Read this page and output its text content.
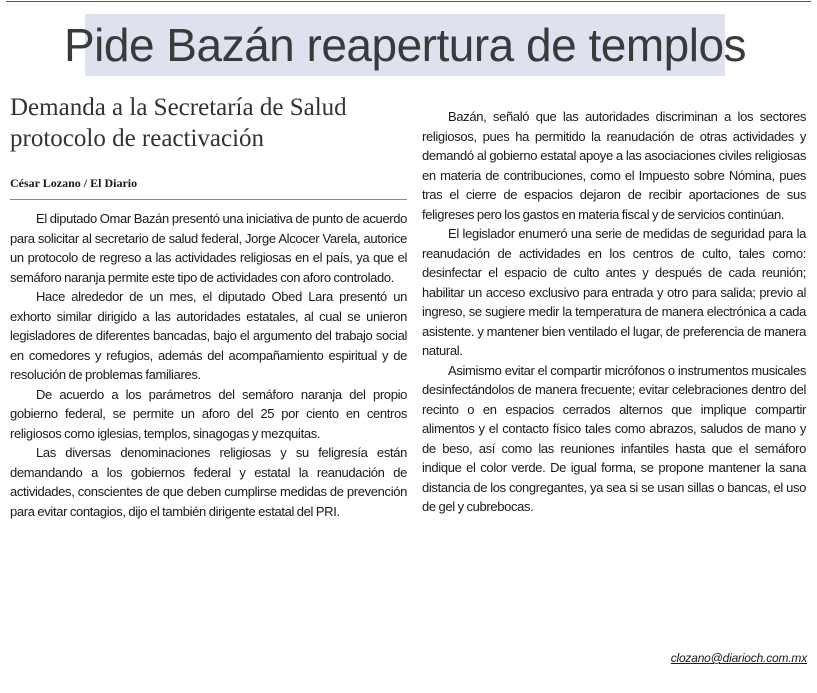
Pide Bazán reapertura de templos
Demanda a la Secretaría de Salud protocolo de reactivación
César Lozano / El Diario

El diputado Omar Bazán presentó una iniciativa de punto de acuerdo para solicitar al secretario de salud federal, Jorge Alcocer Varela, autorice un protocolo de regreso a las actividades religiosas en el país, ya que el semáforo naranja permite este tipo de actividades con aforo controlado.

Hace alrededor de un mes, el diputado Obed Lara presentó un exhorto similar dirigido a las autoridades estatales, al cual se unieron legisladores de diferentes bancadas, bajo el argumento del trabajo social en comedores y refugios, además del acompañamiento espiritual y de resolución de problemas familiares.

De acuerdo a los parámetros del semáforo naranja del propio gobierno federal, se permite un aforo del 25 por ciento en centros religiosos como iglesias, templos, sinagogas y mezquitas.

Las diversas denominaciones religiosas y su feligresía están demandando a los gobiernos federal y estatal la reanudación de actividades, conscientes de que deben cumplirse medidas de prevención para evitar contagios, dijo el también dirigente estatal del PRI.

Bazán, señaló que las autoridades discriminan a los sectores religiosos, pues ha permitido la reanudación de otras actividades y demandó al gobierno estatal apoye a las asociaciones civiles religiosas en materia de contribuciones, como el Impuesto sobre Nómina, pues tras el cierre de espacios dejaron de recibir aportaciones de sus feligreses pero los gastos en materia fiscal y de servicios continúan.

El legislador enumeró una serie de medidas de seguridad para la reanudación de actividades en los centros de culto, tales como: desinfectar el espacio de culto antes y después de cada reunión; habilitar un acceso exclusivo para entrada y otro para salida; previo al ingreso, se sugiere medir la temperatura de manera electrónica a cada asistente. y mantener bien ventilado el lugar, de preferencia de manera natural.

Asimismo evitar el compartir micrófonos o instrumentos musicales desinfectándolos de manera frecuente; evitar celebraciones dentro del recinto o en espacios cerrados alternos que implique compartir alimentos y el contacto físico tales como abrazos, saludos de mano y de beso, así como las reuniones infantiles hasta que el semáforo indique el color verde. De igual forma, se propone mantener la sana distancia de los congregantes, ya sea si se usan sillas o bancas, el uso de gel y cubrebocas.

clozano@diarioch.com.mx
